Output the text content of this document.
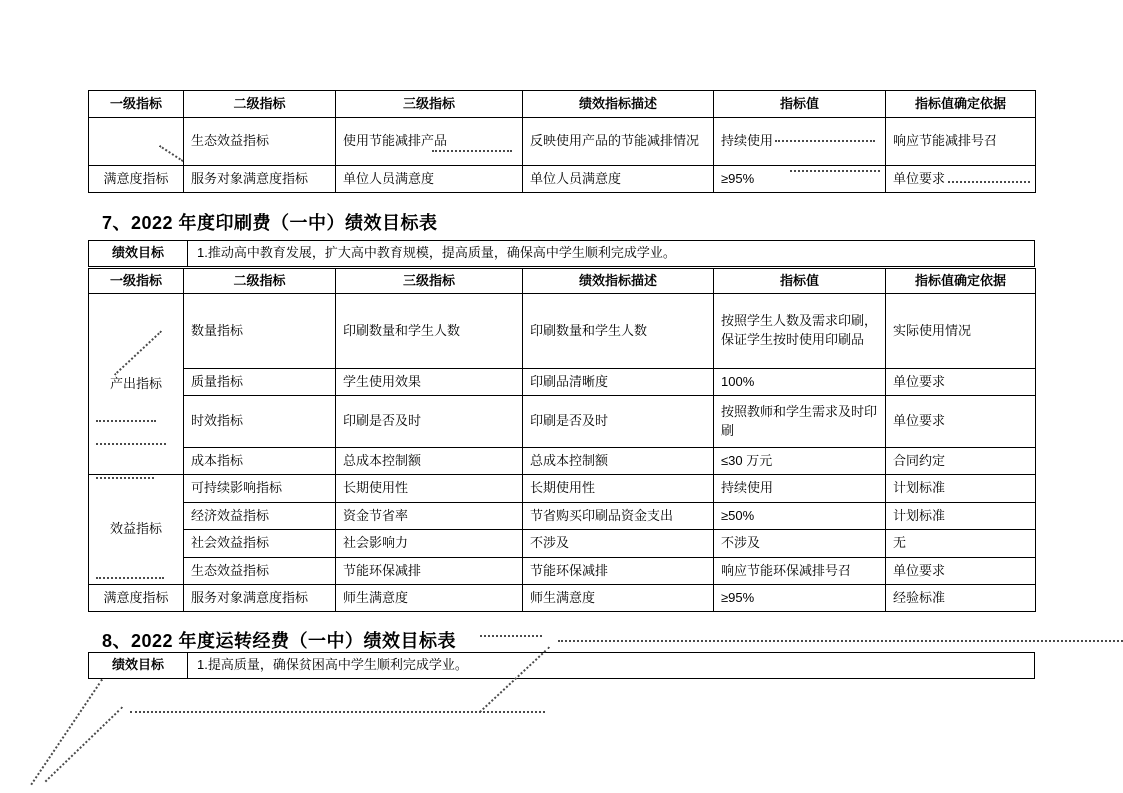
一级指标	二级指标	三级指标	绩效指标描述	指标值	指标值确定依据
	生态效益指标	使用节能减排产品	反映使用产品的节能减排情况	持续使用	响应节能减排号召
满意度指标	服务对象满意度指标	单位人员满意度	单位人员满意度	≥95%	单位要求
7、2022 年度印刷费（一中）绩效目标表
绩效目标	1.推动高中教育发展，扩大高中教育规模，提高质量，确保高中学生顺利完成学业。
一级指标	二级指标	三级指标	绩效指标描述	指标值	指标值确定依据
产出指标	数量指标	印刷数量和学生人数	印刷数量和学生人数	按照学生人数及需求印刷，保证学生按时使用印刷品	实际使用情况
	质量指标	学生使用效果	印刷品清晰度	100%	单位要求
	时效指标	印刷是否及时	印刷是否及时	按照教师和学生需求及时印刷	单位要求
	成本指标	总成本控制额	总成本控制额	≤30 万元	合同约定
效益指标	可持续影响指标	长期使用性	长期使用性	持续使用	计划标准
	经济效益指标	资金节省率	节省购买印刷品资金支出	≥50%	计划标准
	社会效益指标	社会影响力	不涉及	不涉及	无
	生态效益指标	节能环保减排	节能环保减排	响应节能环保减排号召	单位要求
满意度指标	服务对象满意度指标	师生满意度	师生满意度	≥95%	经验标准
8、2022 年度运转经费（一中）绩效目标表
绩效目标	1.提高质量，确保贫困高中学生顺利完成学业。
